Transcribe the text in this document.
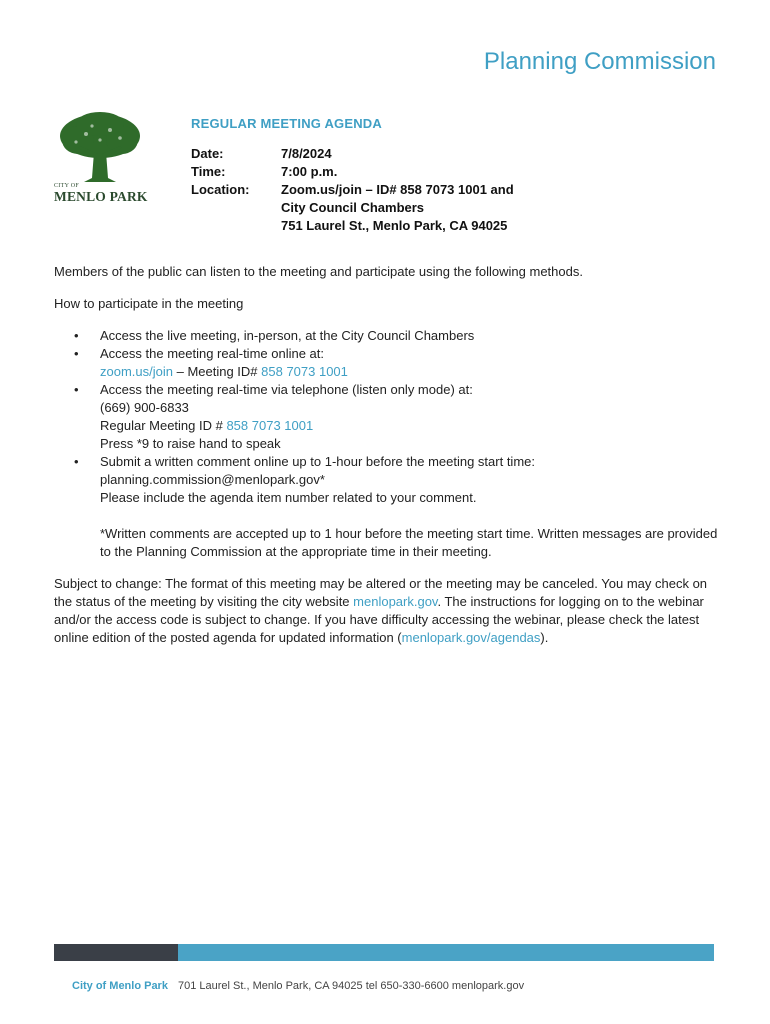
Planning Commission
CITY OF
MENLO PARK
REGULAR MEETING AGENDA
Date:	7/8/2024
Time:	7:00 p.m.
Location:	Zoom.us/join – ID# 858 7073 1001 and
City Council Chambers
751 Laurel St., Menlo Park, CA 94025

Members of the public can listen to the meeting and participate using the following methods.

How to participate in the meeting

• Access the live meeting, in-person, at the City Council Chambers
• Access the meeting real-time online at:
zoom.us/join – Meeting ID# 858 7073 1001
• Access the meeting real-time via telephone (listen only mode) at:
(669) 900-6833
Regular Meeting ID # 858 7073 1001
Press *9 to raise hand to speak
• Submit a written comment online up to 1-hour before the meeting start time:
planning.commission@menlopark.gov*
Please include the agenda item number related to your comment.

*Written comments are accepted up to 1 hour before the meeting start time. Written messages are provided to the Planning Commission at the appropriate time in their meeting.

Subject to change: The format of this meeting may be altered or the meeting may be canceled. You may check on the status of the meeting by visiting the city website menlopark.gov. The instructions for logging on to the webinar and/or the access code is subject to change. If you have difficulty accessing the webinar, please check the latest online edition of the posted agenda for updated information (menlopark.gov/agendas).

City of Menlo Park 701 Laurel St., Menlo Park, CA 94025 tel 650-330-6600 menlopark.gov
